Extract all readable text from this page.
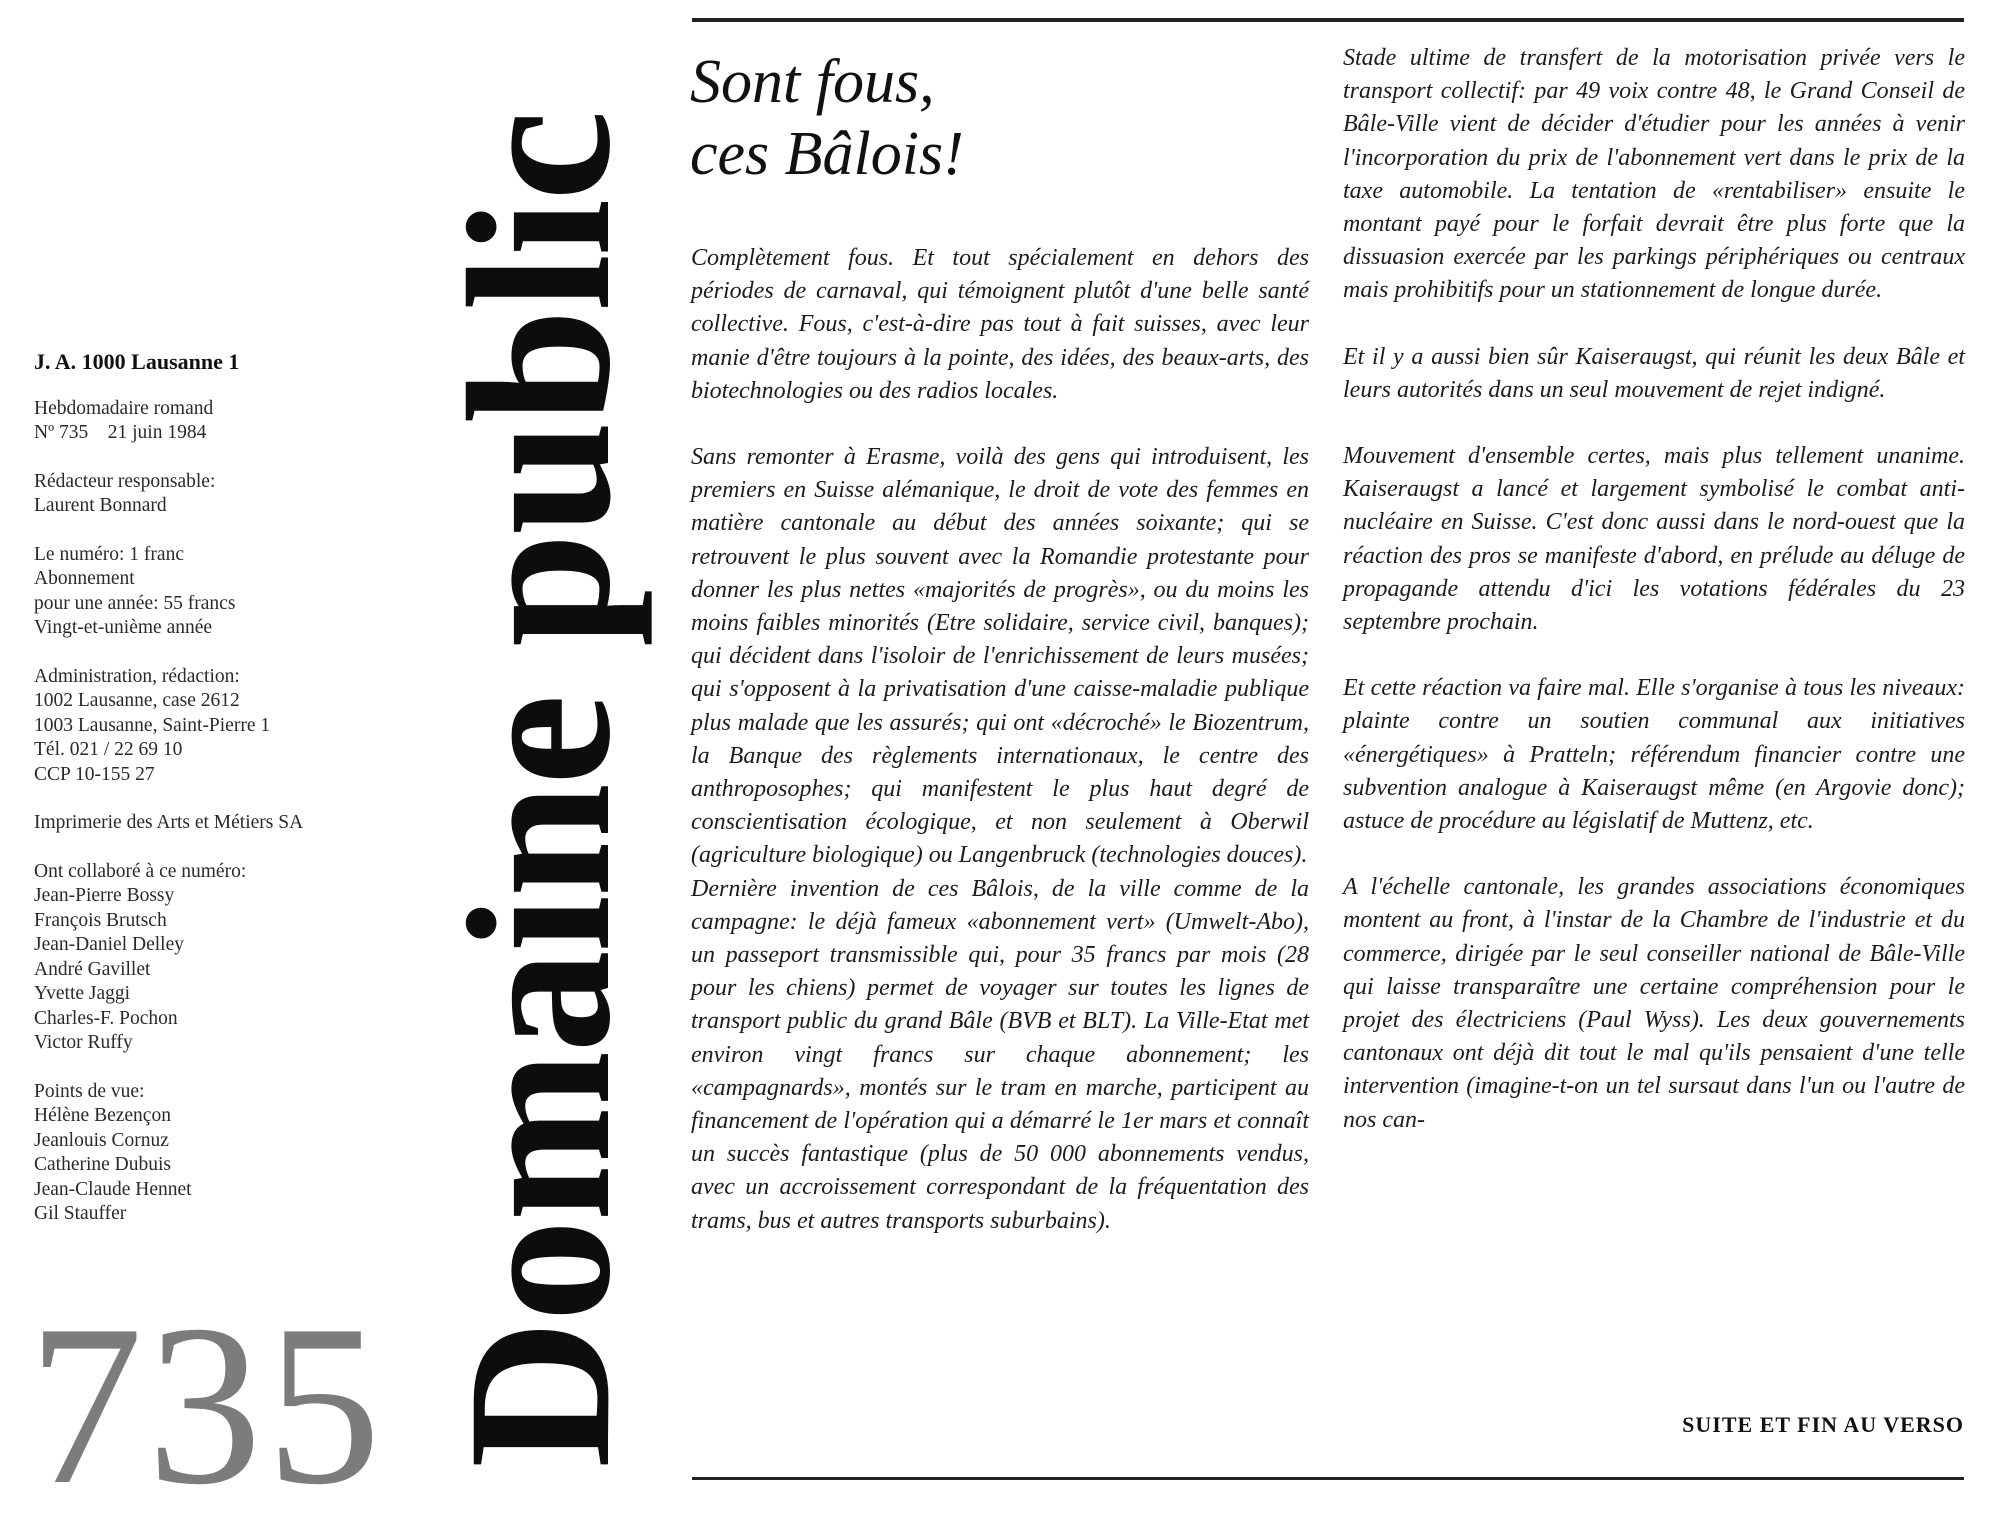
J. A. 1000 Lausanne 1
Hebdomadaire romand
Nº 735    21 juin 1984
Rédacteur responsable:
Laurent Bonnard
Le numéro: 1 franc
Abonnement
pour une année: 55 francs
Vingt-et-unième année
Administration, rédaction:
1002 Lausanne, case 2612
1003 Lausanne, Saint-Pierre 1
Tél. 021 / 22 69 10
CCP 10-155 27
Imprimerie des Arts et Métiers SA
Ont collaboré à ce numéro:
Jean-Pierre Bossy
François Brutsch
Jean-Daniel Delley
André Gavillet
Yvette Jaggi
Charles-F. Pochon
Victor Ruffy
Points de vue:
Hélène Bezençon
Jeanlouis Cornuz
Catherine Dubuis
Jean-Claude Hennet
Gil Stauffer
735 Domaine public
Sont fous,
ces Bâlois!

Complètement fous. Et tout spécialement en dehors des périodes de carnaval, qui témoignent plutôt d'une belle santé collective. Fous, c'est-à-dire pas tout à fait suisses, avec leur manie d'être toujours à la pointe, des idées, des beaux-arts, des biotechnologies ou des radios locales.

Sans remonter à Erasme, voilà des gens qui introduisent, les premiers en Suisse alémanique, le droit de vote des femmes en matière cantonale au début des années soixante; qui se retrouvent le plus souvent avec la Romandie protestante pour donner les plus nettes «majorités de progrès», ou du moins les moins faibles minorités (Etre solidaire, service civil, banques); qui décident dans l'isoloir de l'enrichissement de leurs musées; qui s'opposent à la privatisation d'une caisse-maladie publique plus malade que les assurés; qui ont «décroché» le Biozentrum, la Banque des règlements internationaux, le centre des anthroposophes; qui manifestent le plus haut degré de conscientisation écologique, et non seulement à Oberwil (agriculture biologique) ou Langenbruck (technologies douces).

Dernière invention de ces Bâlois, de la ville comme de la campagne: le déjà fameux «abonnement vert» (Umwelt-Abo), un passeport transmissible qui, pour 35 francs par mois (28 pour les chiens) permet de voyager sur toutes les lignes de transport public du grand Bâle (BVB et BLT). La Ville-Etat met environ vingt francs sur chaque abonnement; les «campagnards», montés sur le tram en marche, participent au financement de l'opération qui a démarré le 1er mars et connaît un succès fantastique (plus de 50 000 abonnements vendus, avec un accroissement correspondant de la fréquentation des trams, bus et autres transports suburbains).

Stade ultime de transfert de la motorisation privée vers le transport collectif: par 49 voix contre 48, le Grand Conseil de Bâle-Ville vient de décider d'étudier pour les années à venir l'incorporation du prix de l'abonnement vert dans le prix de la taxe automobile. La tentation de «rentabiliser» ensuite le montant payé pour le forfait devrait être plus forte que la dissuasion exercée par les parkings périphériques ou centraux mais prohibitifs pour un stationnement de longue durée.

Et il y a aussi bien sûr Kaiseraugst, qui réunit les deux Bâle et leurs autorités dans un seul mouvement de rejet indigné.

Mouvement d'ensemble certes, mais plus tellement unanime. Kaiseraugst a lancé et largement symbolisé le combat anti-nucléaire en Suisse. C'est donc aussi dans le nord-ouest que la réaction des pros se manifeste d'abord, en prélude au déluge de propagande attendu d'ici les votations fédérales du 23 septembre prochain.

Et cette réaction va faire mal. Elle s'organise à tous les niveaux: plainte contre un soutien communal aux initiatives «énergétiques» à Pratteln; référendum financier contre une subvention analogue à Kaiseraugst même (en Argovie donc); astuce de procédure au législatif de Muttenz, etc.

A l'échelle cantonale, les grandes associations économiques montent au front, à l'instar de la Chambre de l'industrie et du commerce, dirigée par le seul conseiller national de Bâle-Ville qui laisse transparaître une certaine compréhension pour le projet des électriciens (Paul Wyss). Les deux gouvernements cantonaux ont déjà dit tout le mal qu'ils pensaient d'une telle intervention (imagine-t-on un tel sursaut dans l'un ou l'autre de nos can-

SUITE ET FIN AU VERSO
